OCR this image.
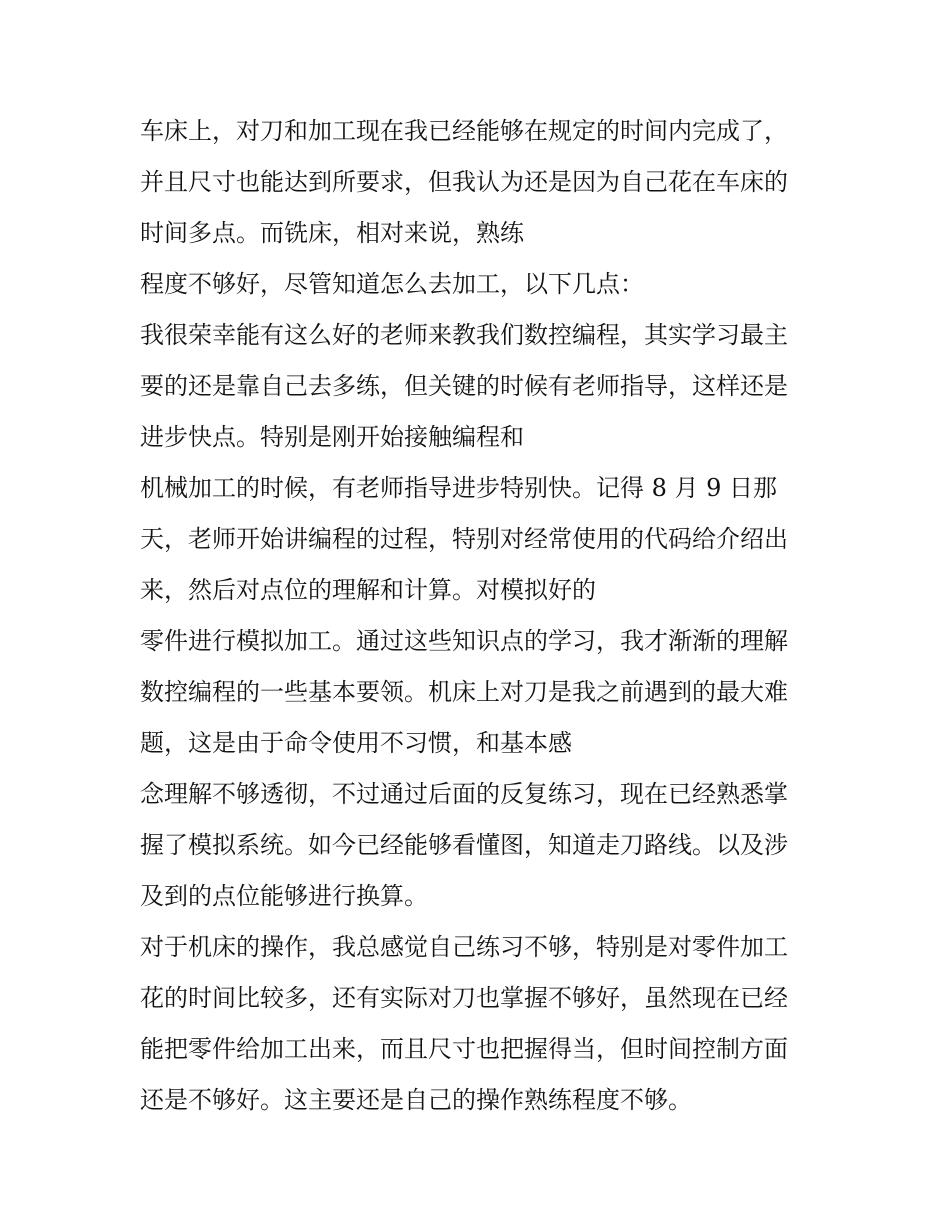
车床上，对刀和加工现在我已经能够在规定的时间内完成了，
并且尺寸也能达到所要求，但我认为还是因为自己花在车床的
时间多点。而铣床，相对来说，熟练
程度不够好，尽管知道怎么去加工，以下几点：
我很荣幸能有这么好的老师来教我们数控编程，其实学习最主
要的还是靠自己去多练，但关键的时候有老师指导，这样还是
进步快点。特别是刚开始接触编程和
机械加工的时候，有老师指导进步特别快。记得 8 月 9 日那
天，老师开始讲编程的过程，特别对经常使用的代码给介绍出
来，然后对点位的理解和计算。对模拟好的
零件进行模拟加工。通过这些知识点的学习，我才渐渐的理解
数控编程的一些基本要领。机床上对刀是我之前遇到的最大难
题，这是由于命令使用不习惯，和基本感
念理解不够透彻，不过通过后面的反复练习，现在已经熟悉掌
握了模拟系统。如今已经能够看懂图，知道走刀路线。以及涉
及到的点位能够进行换算。
对于机床的操作，我总感觉自己练习不够，特别是对零件加工
花的时间比较多，还有实际对刀也掌握不够好，虽然现在已经
能把零件给加工出来，而且尺寸也把握得当，但时间控制方面
还是不够好。这主要还是自己的操作熟练程度不够。
